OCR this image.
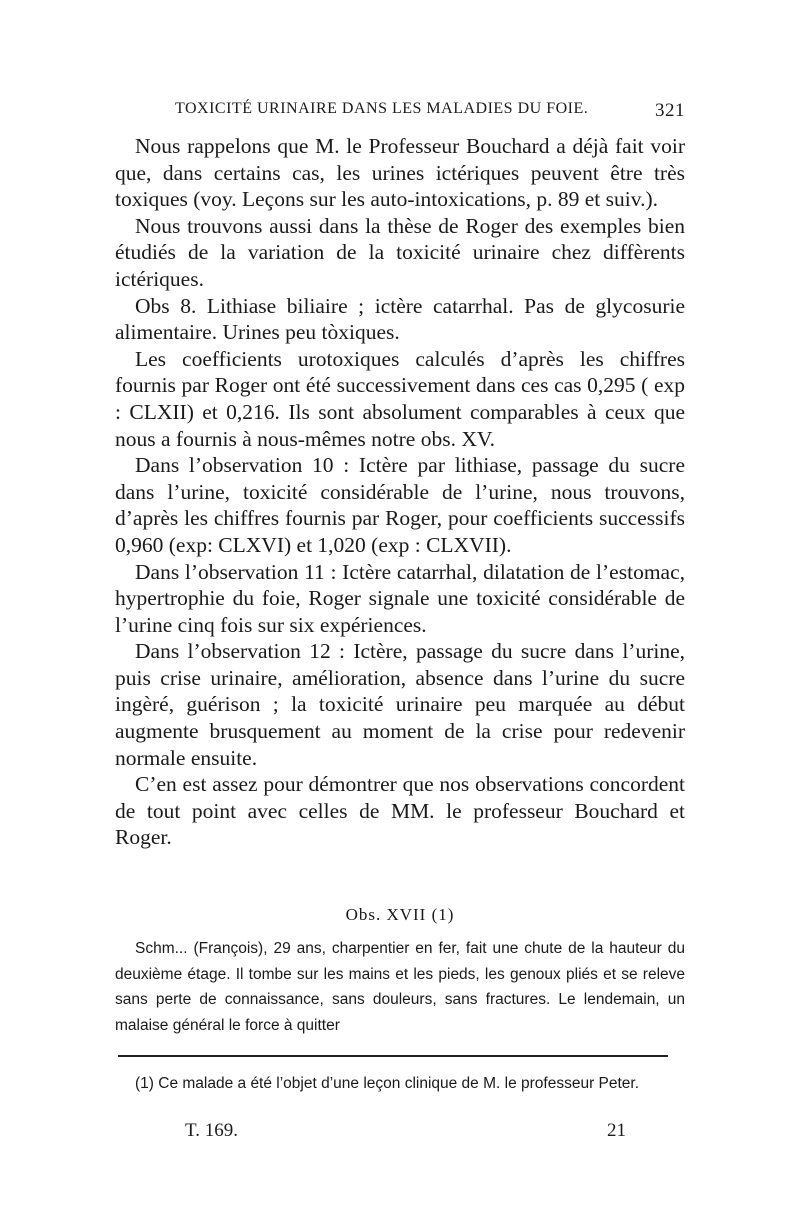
TOXICITÉ URINAIRE DANS LES MALADIES DU FOIE.	321

Nous rappelons que M. le Professeur Bouchard a déjà fait voir que, dans certains cas, les urines ictériques peuvent être très toxiques (voy. Leçons sur les auto-intoxications, p. 89 et suiv.).

Nous trouvons aussi dans la thèse de Roger des exemples bien étudiés de la variation de la toxicité urinaire chez diffèrents ictériques.

Obs 8. Lithiase biliaire ; ictère catarrhal. Pas de glycosurie alimentaire. Urines peu tòxiques.

Les coefficients urotoxiques calculés d’après les chiffres fournis par Roger ont été successivement dans ces cas 0,295 ( exp : CLXII) et 0,216. Ils sont absolument comparables à ceux que nous a fournis à nous-mêmes notre obs. XV.

Dans l’observation 10 : Ictère par lithiase, passage du sucre dans l’urine, toxicité considérable de l’urine, nous trouvons, d’après les chiffres fournis par Roger, pour coefficients successifs 0,960 (exp: CLXVI) et 1,020 (exp : CLXVII).

Dans l’observation 11 : Ictère catarrhal, dilatation de l’estomac, hypertrophie du foie, Roger signale une toxicité considérable de l’urine cinq fois sur six expériences.

Dans l’observation 12 : Ictère, passage du sucre dans l’urine, puis crise urinaire, amélioration, absence dans l’urine du sucre ingèré, guérison ; la toxicité urinaire peu marquée au début augmente brusquement au moment de la crise pour redevenir normale ensuite.

C’en est assez pour démontrer que nos observations concordent de tout point avec celles de MM. le professeur Bouchard et Roger.

Obs. XVII (1)

Schm... (François), 29 ans, charpentier en fer, fait une chute de la hauteur du deuxième étage. Il tombe sur les mains et les pieds, les genoux pliés et se releve sans perte de connaissance, sans douleurs, sans fractures. Le lendemain, un malaise général le force à quitter

(1) Ce malade a été l’objet d’une leçon clinique de M. le professeur Peter.

T. 169.	21
